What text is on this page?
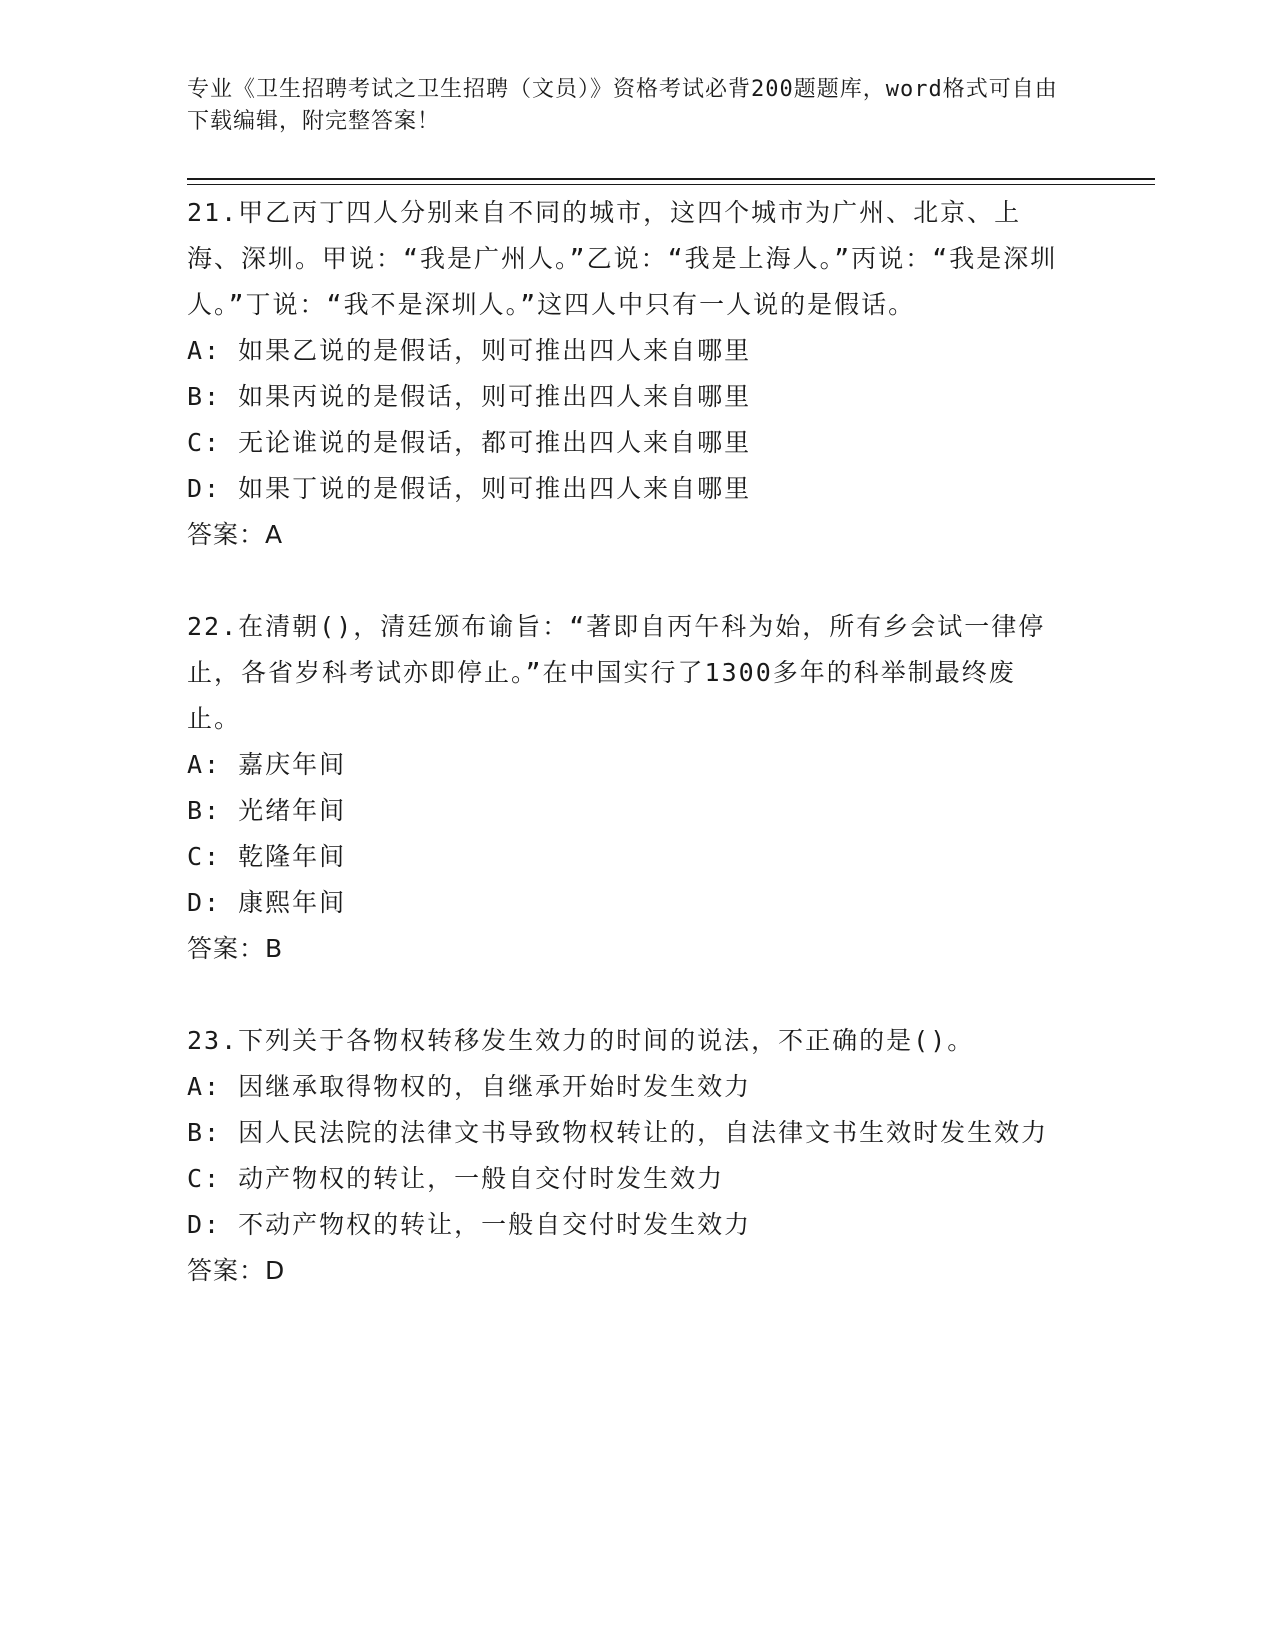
专业《卫生招聘考试之卫生招聘（文员）》资格考试必背200题题库，word格式可自由下载编辑，附完整答案！

21.甲乙丙丁四人分别来自不同的城市，这四个城市为广州、北京、上海、深圳。甲说：“我是广州人。”乙说：“我是上海人。”丙说：“我是深圳人。”丁说：“我不是深圳人。”这四人中只有一人说的是假话。

A: 如果乙说的是假话，则可推出四人来自哪里

B: 如果丙说的是假话，则可推出四人来自哪里

C: 无论谁说的是假话，都可推出四人来自哪里

D: 如果丁说的是假话，则可推出四人来自哪里

答案：A

22.在清朝()，清廷颁布谕旨：“著即自丙午科为始，所有乡会试一律停止，各省岁科考试亦即停止。”在中国实行了1300多年的科举制最终废止。

A: 嘉庆年间

B: 光绪年间

C: 乾隆年间

D: 康熙年间

答案：B

23.下列关于各物权转移发生效力的时间的说法，不正确的是()。

A: 因继承取得物权的，自继承开始时发生效力

B: 因人民法院的法律文书导致物权转让的，自法律文书生效时发生效力

C: 动产物权的转让，一般自交付时发生效力

D: 不动产物权的转让，一般自交付时发生效力

答案：D
